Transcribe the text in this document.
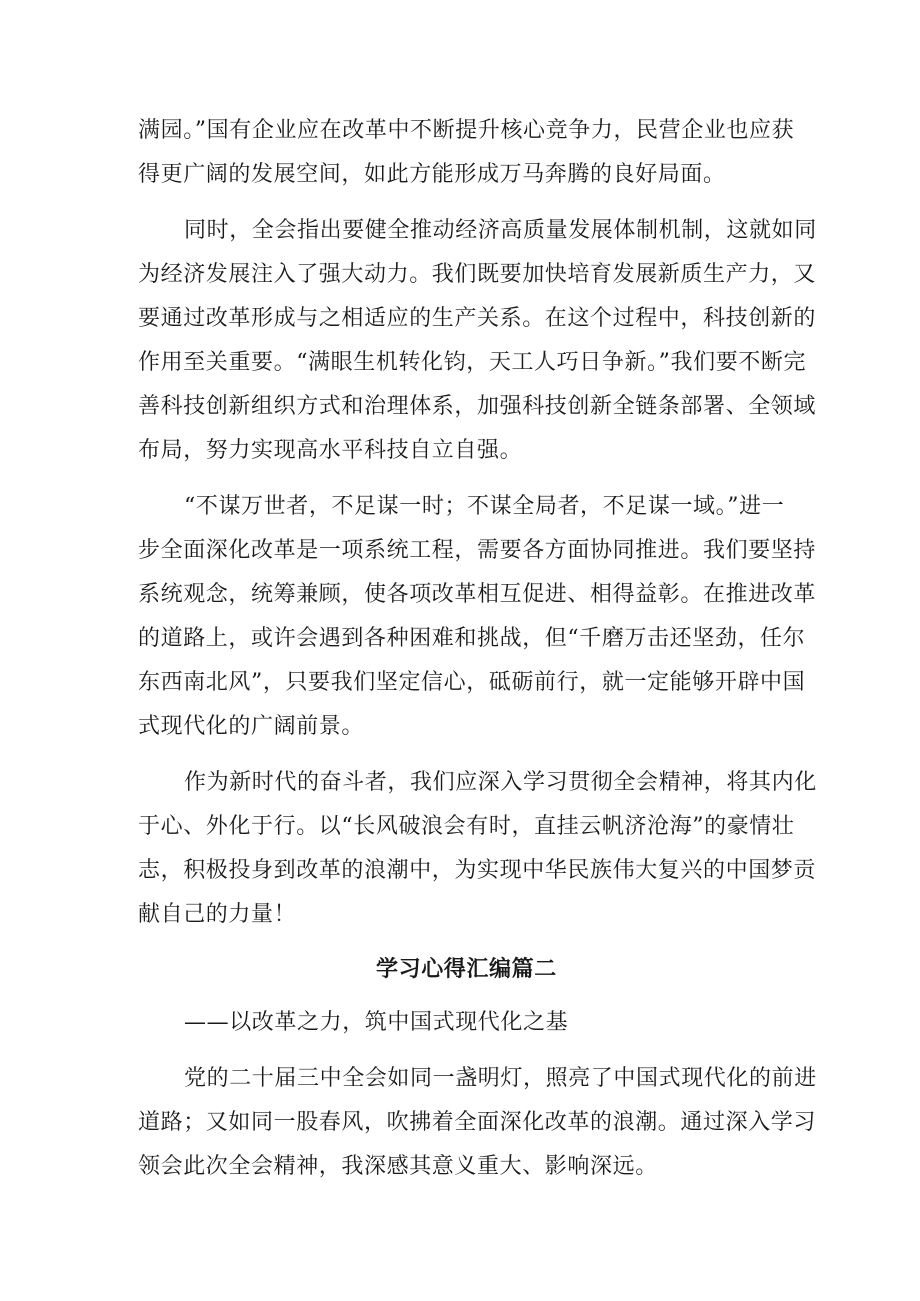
满园。”国有企业应在改革中不断提升核心竞争力，民营企业也应获
得更广阔的发展空间，如此方能形成万马奔腾的良好局面。
同时，全会指出要健全推动经济高质量发展体制机制，这就如同
为经济发展注入了强大动力。我们既要加快培育发展新质生产力，又
要通过改革形成与之相适应的生产关系。在这个过程中，科技创新的
作用至关重要。“满眼生机转化钧，天工人巧日争新。”我们要不断完
善科技创新组织方式和治理体系，加强科技创新全链条部署、全领域
布局，努力实现高水平科技自立自强。
“不谋万世者，不足谋一时；不谋全局者，不足谋一域。”进一
步全面深化改革是一项系统工程，需要各方面协同推进。我们要坚持
系统观念，统筹兼顾，使各项改革相互促进、相得益彰。在推进改革
的道路上，或许会遇到各种困难和挑战，但“千磨万击还坚劲，任尔
东西南北风”，只要我们坚定信心，砥砺前行，就一定能够开辟中国
式现代化的广阔前景。
作为新时代的奋斗者，我们应深入学习贯彻全会精神，将其内化
于心、外化于行。以“长风破浪会有时，直挂云帆济沧海”的豪情壮
志，积极投身到改革的浪潮中，为实现中华民族伟大复兴的中国梦贡
献自己的力量！
学习心得汇编篇二
——以改革之力，筑中国式现代化之基
党的二十届三中全会如同一盏明灯，照亮了中国式现代化的前进
道路；又如同一股春风，吹拂着全面深化改革的浪潮。通过深入学习
领会此次全会精神，我深感其意义重大、影响深远。
